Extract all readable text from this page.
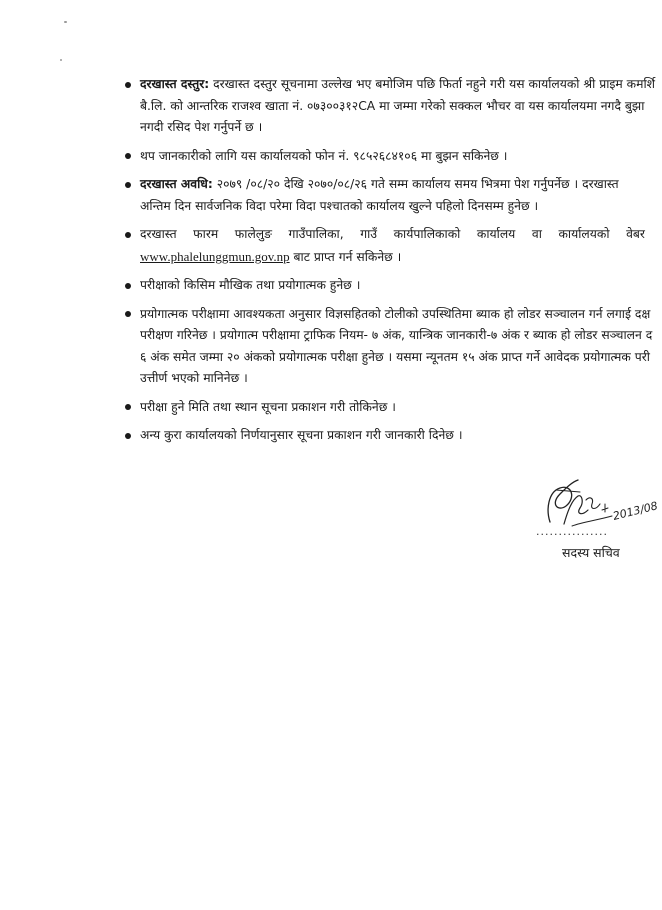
दरखास्त दस्तुर: दरखास्त दस्तुर सूचनामा उल्लेख भए बमोजिम पछि फिर्ता नहुने गरी यस कार्यालयको श्री प्राइम कमर्शि
बै.लि. को आन्तरिक राजश्व खाता नं. ०७३००३१२CA मा जम्मा गरेको सक्कल भौचर वा यस कार्यालयमा नगदै बुझा
नगदी रसिद पेश गर्नुपर्ने छ ।
थप जानकारीको लागि यस कार्यालयको फोन नं. ९८५२६८४१०६ मा बुझन सकिनेछ ।
दरखास्त अवधि: २०७९ /०८/२० देखि २०७०/०८/२६ गते सम्म कार्यालय समय भित्रमा पेश गर्नुपर्नेछ । दरखास्त
अन्तिम दिन सार्वजनिक विदा परेमा विदा पश्चातको कार्यालय खुल्ने पहिलो दिनसम्म हुनेछ ।
दरखास्त फारम फालेलुङ गाउँपालिका, गाउँ कार्यपालिकाको कार्यालय वा कार्यालयको वेबर
www.phalelunggmun.gov.np बाट प्राप्त गर्न सकिनेछ ।
परीक्षाको किसिम मौखिक तथा प्रयोगात्मक हुनेछ ।
प्रयोगात्मक परीक्षामा आवश्यकता अनुसार विज्ञसहितको टोलीको उपस्थितिमा ब्याक हो लोडर सञ्चालन गर्न लगाई दक्ष
परीक्षण गरिनेछ । प्रयोगात्म परीक्षामा ट्राफिक नियम- ७ अंक, यान्त्रिक जानकारी-७ अंक र ब्याक हो लोडर सञ्चालन द
६ अंक समेत जम्मा २० अंकको प्रयोगात्मक परीक्षा हुनेछ । यसमा न्यूनतम १५ अंक प्राप्त गर्ने आवेदक प्रयोगात्मक परी
उत्तीर्ण भएको मानिनेछ ।
परीक्षा हुने मिति तथा स्थान सूचना प्रकाशन गरी तोकिनेछ ।
अन्य कुरा कार्यालयको निर्णयानुसार सूचना प्रकाशन गरी जानकारी दिनेछ ।
2013/08
................
सदस्य सचिव
